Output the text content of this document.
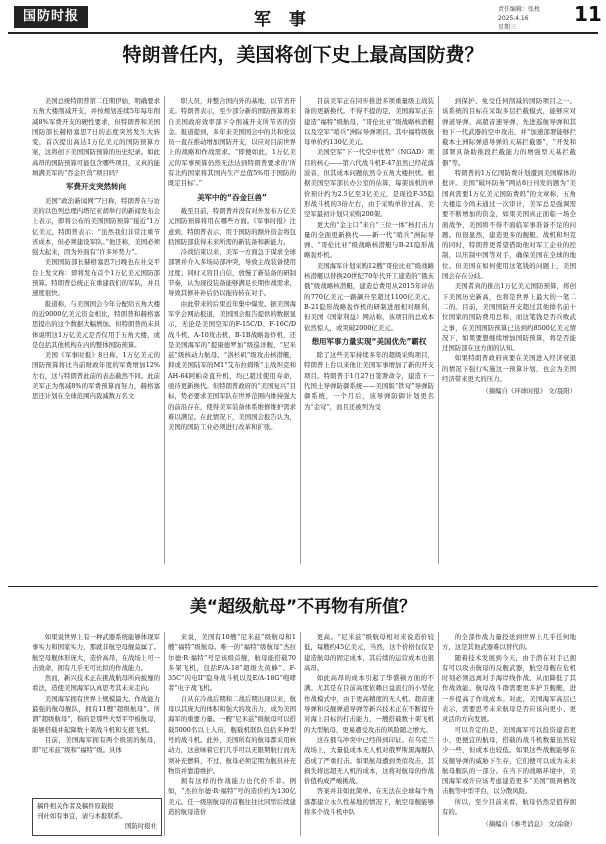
国防时报	军 事
责任编辑：张枚
2025.4.16
星期三
11
特朗普任内，美国将创下史上最高国防费？

美国总统特朗普第二任期伊始，明确要求五角大楼削减开支，并按规划连续5年每年削减8%军费开支的硬性要求，但特朗普和美国国防部长赫格塞思7日的态度突然发生大转变，首次提出高达1万亿美元的国防预算方案，这将创下美国国防预算的历史纪录。如此高昂的国防预算可能包含哪些项目，又真的能填满美军的“吞金巨兽”项目吗？

军费开支突然转向

美国“政治新闻网”7日称，特朗普在与访美的以色列总理内塔尼亚胡举行的新闻发布会上表示，即将公布的美国国防预算“接近”1万亿美元，特朗普表示：“虽然我们非常注重节省成本，但必须建设军队。”他还称，美国必须强大起来，因为外面有“许多坏势力”。

美国国防部长赫格塞思7日晚也在社交平台上发文称：即将发布首个1万亿美元国防部预算。特朗普总统正在重建我们的军队，并且速度很快。

报道称，与美国国会今年分配给五角大楼的近9000亿美元资金相比，特朗普和赫格塞思提出的这个数据大幅增加。但特朗普尚未具体说明这1万亿美元是否仅用于五角大楼，或是包括其他机构在内的整体国防预算。

美国《军事时报》8日称，1万亿美元的国防预算将比当前财政年度的军费增加12%左右，这与特朗普此前的表态截然不同。此前美军正为削减8%的军费预算而努力，赫格塞思还计划在全球范围内裁减数万名文

职人员，并整合国内外的基地，以节省开支。特朗普表示，至少部分新的国防预算将来自美国政府效率部下令削减开支所节省的资金。报道提到，多年来美国国会中的共和党议员一直在推动增加国防开支，以应对目前世界上的战略和作战需求。“即便如此，1万亿美元的军事预算仍然无法达到特朗普要求的‘所有北约国家将其国内生产总值5%用于国防的既定目标’。”

美军中的“吞金巨兽”

截至目前，特朗普并没有对外发布万亿美元国防预算将用在哪些方面。《军事时报》注意到，特朗普表示，用于国防的额外资金将包括国防部获得未来所需的新装备和新能力。

冷战结束以来，美军一方面急于谋求全球部署并介入多场局部冲突，导致主战装备使用过度；同时又盲目自信，放慢了新装备的研制节奏，认为现役装备能够满足长期作战需求，导致其修补补后仍以拖待转在对手。

由此带来的后果近年集中爆发。据美国海军学会网站报道，美国国会报告提供的数据显示，无论是美国空军的F-15C/D、F-16C/D战斗机、A-10攻击机、B-1B战略轰炸机，还是美国海军的“提康德罗加”级巡洋舰、“尼米兹”级核动力航母、“洛杉矶”级攻击核潜艇，抑或美国陆军的M1“艾布拉姆斯”主战坦克和AH-64阿帕奇直升机，均已超过使用寿命，亟待更新换代。但特朗普政府的“美国复兴”目标，势必要求美国军队在世界范围内维持强大的前沿存在，使得美军装备体系维修维护需求难以满足。在此情况下，美国国会报告认为，美国的国防工业必须进行改革和扩张。

目前美军正在同步推进多项重量级主战装备的更新换代。不得不提的是，美国海军正在建造“福特”级航母、“哥伦比亚”级战略核潜艇以及空军“哨兵”洲际导弹项目。其中福特级航母单价约130亿美元。

美国空军“下一代空中优势”（NGAD）项目的核心——第六代战斗机F-47虽然已经花落波音，但其成本问题依然令五角大楼担忧。根据美国空军部长办公室的估算，每架该机的单价预计约为2.5亿至3亿美元，是现役F-35隐形战斗机的3倍左右，由于采购单价过高，美空军最初计划只采购200架。

更大的“金主口”来自“三位一体”核打击力量的全面更新换代——新一代“哨兵”洲际导弹、“哥伦比亚”级战略核潜艇与B-21隐形战略轰炸机。

美国海军计划采购12艘“哥伦比亚”级战略核潜艇以替换20世纪70年代开工建造的“俄亥俄”级战略核潜艇，建造总费用从2015年评估的770亿美元一路飙升至超过1100亿美元。B-21隐形战略轰炸机的研制进展相对顺利，但美国《国家利益》网站称，该项目的总成本依然惊人，或突破2000亿美元。

想用军事力量实现“美国优先”霸权

除了这些美军持续多年的超级采购项目，特朗普上台以来他让美国军事增加了新的开支项目。特朗普于1月27日签署命令，建造下一代国土导弹防御系统——美国版“铁穹”导弹防御系统，一个月后，该导弹防御计划更名为“金穹”，而且还被列为受

到保护、免受任何削减的国防项目之一。该系统的目标在采取多层拦截模式，能够应对弹道导弹、高超音速导弹、先进巡航导弹和其他下一代武器的空中攻击，并“加速部署能够拦截本土洲际弹道导弹的天基拦截器”，“开发和部署具备助推段拦截能力的增强型天基拦截器”等。

特朗普的1万亿国防费计划遭到美国媒体的批评。美国“破坏防务”网站8日刊发的题为“美国真需要1万亿美元国防费吗”的文章称，五角大楼迄今尚未通过一次审计，美军总是强调需要不断增加的资金，如果美国真正面临一场全面战争，美国将不得不面临军事准备不足的问题。但很显然，建造更多的舰艇、战机和坦克的同时，特朗普更希望借助他对军工企业的控制，以压制中国等对手，确保美国在全球的地位。但美国在如何使用这笔钱的问题上，美国国会存在分歧。

美国者真的推出1万亿美元国防预算，将创下美国历史新高，也将是世界上最大的一笔二二的。目前，美国国防开支超过其他排名前十位国家的国防费用总和，而这笔钱是否兵败武之事，在美国国防预算已达到约8500亿美元情况下，如果要想继续增加国防预算，将是否能过国防部在这方面的认知。

如果特朗普政府真要在美国进入经济衰退的情况下强行实施这一预算计划，也会为美国经济带来更大的压力。

（摘编自《环球时报》 文/晨阳）
美“超级航母”不再物有所值？

如果说世界上有一种武器系统能够体现军事实力和国家实力，那就非航空母舰莫属了。航空母舰体形庞大，造价高昂，在战场上可一击致命，拥有几乎无可比拟的作战能力。

然而，新兴技术正在挑战航母所向披靡的看法，造使美国海军认真思考其未来走向。

美国海军拥有世界上规模最大、作战能力最强的航母舰队，拥有11艘“超级航母”。所谓“超级航母”，指的是那些大型平甲板航母，能够搭载并起降数十架战斗机和支援飞机。

目前，美国海军拥有两个级别的航母，即“尼米兹”级和“福特”级。具体

稿件相关作者及稿件原载报
刊社如有事宜，请与本报联系。
国防时报社

来说，美国有10艘“尼米兹”级航母和1艘“福特”级航母。唯一的“福特”级航母“杰拉尔德·R·福特”号是该级首舰，航母能搭载70多架飞机，包括F/A-18“超级大黄蜂”、F-35C“闪电II”隐身战斗机以及E/A-18G“咆哮者”电子战飞机。

自从在冷战后期和二战后期出现以来，航母以其庞大的体积和强大的攻击力，成为美国海军的重要力量。一艘“尼米兹”级航母可以搭载5000名以上人员，舰载机联队包括多种型号的战斗机。此外，美国所有的航母都采用核动力，这意味着它们几乎可以无限期航行而无须补充燃料，不过，航母必须定期为舰员补充物资并靠港维护。

拥有这样的作战能力也代价不菲。例如，“杰拉尔德·R·福特”号的造价约为130亿美元。任一级别航母的首舰往往比同型后续建造的航母造价

更高。“尼米兹”级航母相对来说造价较低，每艘约45亿美元，当然，这个价格仅仅是建造航母的固定成本，其后续的运营成本也很高昂。

如此高昂的成本引起了华盛顿方面的不满。尤其是在目前高度依赖日益流行的小型化作战模式中，由于更高精度的无人机、超音速导弹和反舰弹道导弹等新兴技术正在不断提升对海上目标的打击能力，一艘搭载数十架飞机的大型航母，更易遭受攻击的风险随之增大。

这在俄乌冲突中已经得到印证。在乌克兰战场上，大量低成本无人机对俄罗斯黑海舰队造成了严重打击。如果航母遭到类似攻击，其损失将远超无人机的成本，这将对航母的作战价值构成严峻挑战。

答案并非如此简单。在无法在全球每个角落都建立永久性基地的情况下，航空母舰能够将多个战斗机中队

的全部作战力量投送到世界上几乎任何地方，这是其他武器难以替代的。

随着技术发展到今天，由于潜在对手已拥有可以攻击航母的反舰武器，航空母舰在危机时刻必须远离对手海岸线作战，从而降低了其作战效能。航母战斗群需要更多护卫舰艇，进一步提高了作战成本。对此，美国海军高层已表示，需要思考未来航母是否应该向更小、更灵活的方向发展。

可以肯定的是，美国海军可以投资建造更小、更便宜的航母，搭载的战斗机数量虽然较少一些，但成本也较低。如果这些战舰能够在反舰导弹的威胁下生存，它们便可以成为未来航母舰队的一部分。在当下的战略环境中，美国海军或许应该考虑建造更多“美国”级两栖攻击舰等中型平台，以分散风险。

所以，至少目前来看，航母仍然是值得拥有的。

（摘编自《参考消息》 文/涂晓）
